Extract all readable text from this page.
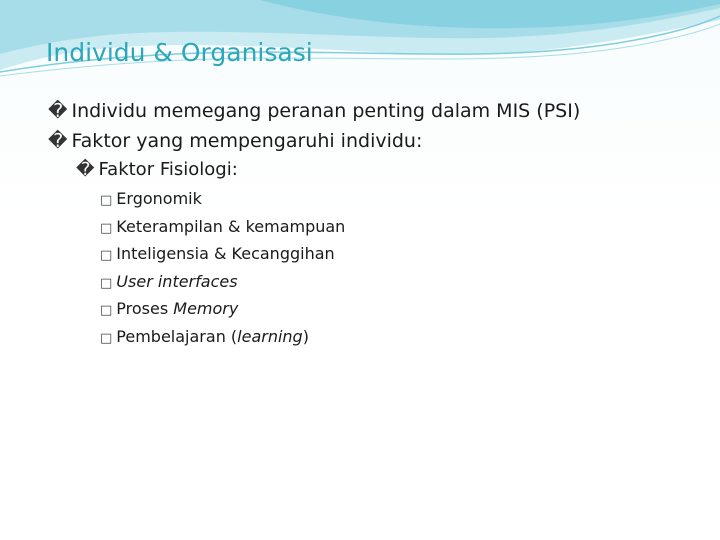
Individu & Organisasi
� Individu memegang peranan penting dalam MIS (PSI)
� Faktor yang mempengaruhi individu:
� Faktor Fisiologi:
□ Ergonomik
□ Keterampilan & kemampuan
□ Inteligensia & Kecanggihan
□ User interfaces
□ Proses Memory
□ Pembelajaran (learning)
